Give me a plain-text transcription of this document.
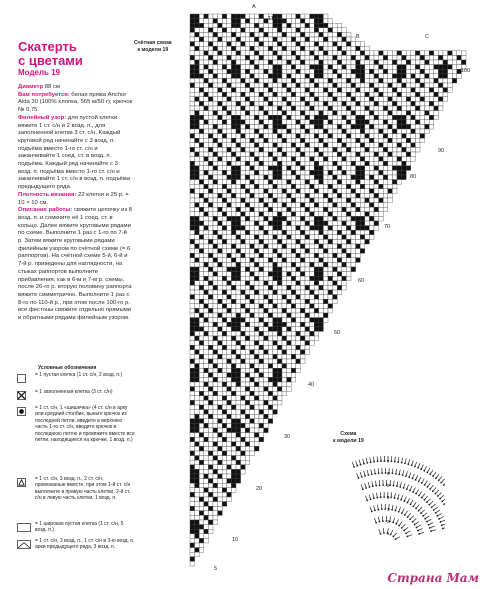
Скатерть
с цветами
Модель 19
Диаметр 88 см
Вам потребуется: белая пряжа Anchor Aida 30 (100% хлопка, 565 м/50 г); крючок № 0,75.
Филейный узор: для пустой клетки вяжите 1 ст. с/н и 2 возд. п., для заполненной клетки 3 ст. с/н. Каждый круговой ряд начинайте с 3 возд. п. подъёма вместо 1-го ст. с/н и заканчивайте 1 соед. ст. в возд. п. подъёма. Каждый ряд начинайте с 3 возд. п. подъёма вместо 1-го ст. с/н и заканчивайте 1 ст. с/н в возд. п. подъёма предыдущего ряда.
Плотность вязания: 22 клетки и 25 р. = 10 × 10 см.
Описание работы: свяжите цепочку из 8 возд. п. и сомкните её 1 соед. ст. в кольцо. Далее вяжите круговыми рядами по схеме. Выполните 1 раз с 1-го по 7-й р. Затем вяжите круговыми рядами филейным узором по счётной схеме (= 6 раппортов). На счётной схеме 5-й, 6-й и 7-й р. приведены для наглядности, на стыках раппортов выполните прибавления, как в 6-м и 7-м р. схемы, после 26-го р. вторую половину раппорта вяжите симметрично. Выполните 1 раз с 8-го по 110-й р., при этом после 100-го р. все фестоны свяжите отдельно прямыми и обратными рядами филейным узором.
Условные обозначения
= 1 пустая клетка (1 ст. с/н, 2 возд. п.)
= 1 заполненная клетка (3 ст. с/н)
= 1 ст. с/н, 1 «шишечка» (4 ст. с/н в арку или средний столбик, выньте крючок из последней петли, введите в верхнюю часть 1-го ст. с/н, введите крючок в последнюю петлю и провяжите вместе все петли, находящиеся на крючке, 1 возд. п.)
= 1 ст. с/н, 3 возд. п., 2 ст. с/н, провязанные вместе, при этом 1-й ст. с/н выполните в правую часть клетки, 2-й ст. с/н в левую часть клетки, 1 возд. п.
= 1 широкая пустая клетка (1 ст. с/н, 5 возд. п.)
= 1 ст. с/н, 3 возд. п., 1 ст. с/н в 3-ю возд. п. арки предыдущего ряда, 3 возд. п.
Счётная схема
к модели 19
A
B	C
110
100
90
80
70
60
50
40
30
20
10
5
Схема
к модели 19
1
2
3
4
5
6
7
Страна Мам
